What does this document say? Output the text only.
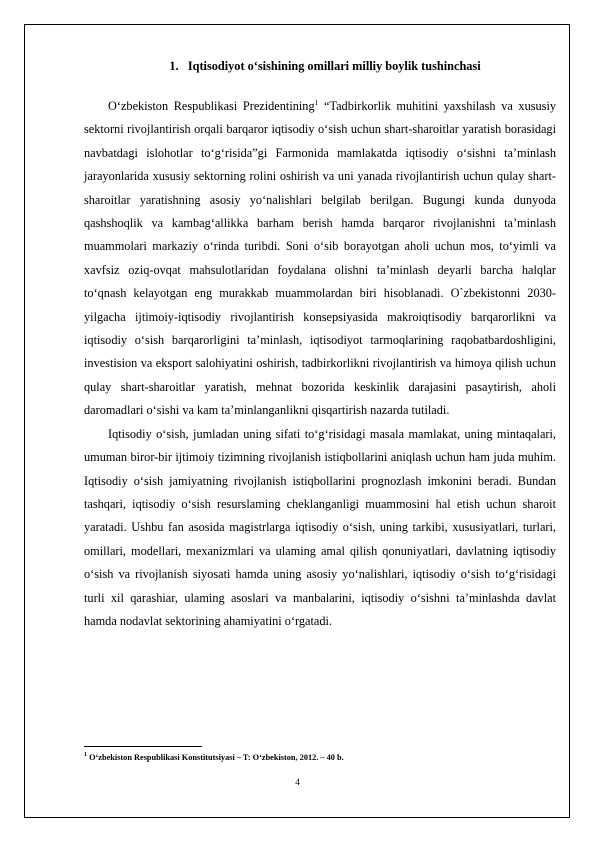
1. Iqtisodiyot o‘sishining omillari milliy boylik tushinchasi

O‘zbekiston Respublikasi Prezidentining$^1$ “Tadbirkorlik muhitini yaxshilash va xususiy sektorni rivojlantirish orqali barqaror iqtisodiy o‘sish uchun shart-sharoitlar yaratish borasidagi navbatdagi islohotlar to‘g‘risida”gi Farmonida mamlakatda iqtisodiy o‘sishni ta’minlash jarayonlarida xususiy sektorning rolini oshirish va uni yanada rivojlantirish uchun qulay shart-sharoitlar yaratishning asosiy yo‘nalishlari belgilab berilgan. Bugungi kunda dunyoda qashshoqlik va kambag‘allikka barham berish hamda barqaror rivojlanishni ta’minlash muammolari markaziy o‘rinda turibdi. Soni o‘sib borayotgan aholi uchun mos, to‘yimli va xavfsiz oziq-ovqat mahsulotlaridan foydalana olishni ta’minlash deyarli barcha halqlar to‘qnash kelayotgan eng murakkab muammolardan biri hisoblanadi. O`zbekistonni 2030- yilgacha ijtimoiy-iqtisodiy rivojlantirish konsepsiyasida makroiqtisodiy barqarorlikni va iqtisodiy o‘sish barqarorligini ta’minlash, iqtisodiyot tarmoqlarining raqobatbardoshligini, investision va eksport salohiyatini oshirish, tadbirkorlikni rivojlantirish va himoya qilish uchun qulay shart-sharoitlar yaratish, mehnat bozorida keskinlik darajasini pasaytirish, aholi daromadlari o‘sishi va kam ta’minlanganlikni qisqartirish nazarda tutiladi.

Iqtisodiy o‘sish, jumladan uning sifati to‘g‘risidagi masala mamlakat, uning mintaqalari, umuman biror-bir ijtimoiy tizimning rivojlanish istiqbollarini aniqlash uchun ham juda muhim. Iqtisodiy o‘sish jamiyatning rivojlanish istiqbollarini prognozlash imkonini beradi. Bundan tashqari, iqtisodiy o‘sish resurslaming cheklanganligi muammosini hal etish uchun sharoit yaratadi. Ushbu fan asosida magistrlarga iqtisodiy o‘sish, uning tarkibi, xususiyatlari, turlari, omillari, modellari, mexanizmlari va ulaming amal qilish qonuniyatlari, davlatning iqtisodiy o‘sish va rivojlanish siyosati hamda uning asosiy yo‘nalishlari, iqtisodiy o‘sish to‘g‘risidagi turli xil qarashiar, ulaming asoslari va manbalarini, iqtisodiy o‘sishni ta’minlashda davlat hamda nodavlat sektorining ahamiyatini o‘rgatadi.

$^1$ O‘zbekiston Respublikasi Konstitutsiyasi – T: O‘zbekiston, 2012. – 40 b.
4
